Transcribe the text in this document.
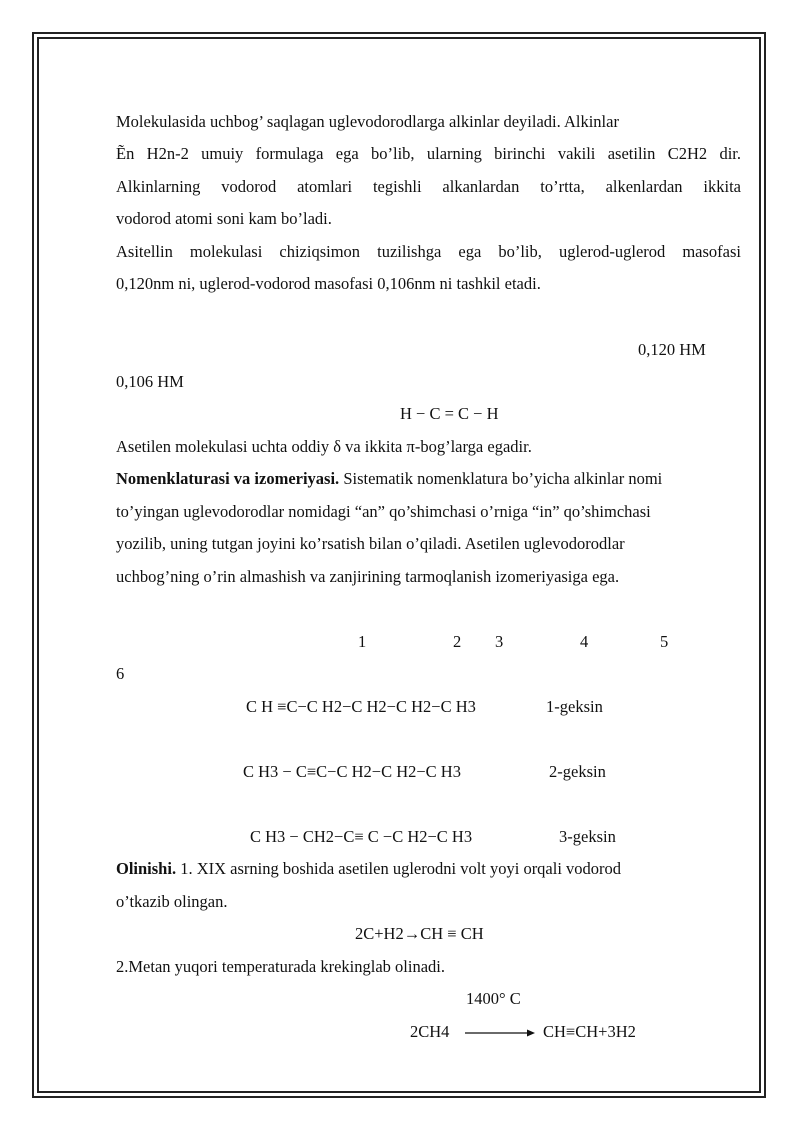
Molekulasida uchbog’ saqlagan uglevodorodlarga alkinlar deyiladi. Alkinlar
Ẽn H2n-2 umuiy formulaga ega bo’lib, ularning birinchi vakili asetilin C2H2 dir.
Alkinlarning vodorod atomlari tegishli alkanlardan to’rtta, alkenlardan ikkita
vodorod atomi soni kam bo’ladi.
Asitellin molekulasi chiziqsimon tuzilishga ega bo’lib, uglerod-uglerod masofasi
0,120nm ni, uglerod-vodorod masofasi 0,106nm ni tashkil etadi.
0,120 HM
0,106 HM
H − C = C − H
Asetilen molekulasi uchta oddiy δ va ikkita π-bog’larga egadir.
Nomenklaturasi va izomeriyasi. Sistematik nomenklatura bo’yicha alkinlar nomi
to’yingan uglevodorodlar nomidagi “an” qo’shimchasi o’rniga “in” qo’shimchasi
yozilib, uning tutgan joyini ko’rsatish bilan o’qiladi. Asetilen uglevodorodlar
uchbog’ning o’rin almashish va zanjirining tarmoqlanish izomeriyasiga ega.
1	2 3	4	5
6
C H ≡C−C H2−C H2−C H2−C H3	1-geksin
C H3 − C≡C−C H2−C H2−C H3	2-geksin
C H3 − CH2−C≡ C −C H2−C H3	3-geksin
Olinishi. 1. XIX asrning boshida asetilen uglerodni volt yoyi orqali vodorod
o’tkazib olingan.
2C+H2→CH ≡ CH
2.Metan yuqori temperaturada krekinglab olinadi.
1400° C
2CH4	CH≡CH+3H2
